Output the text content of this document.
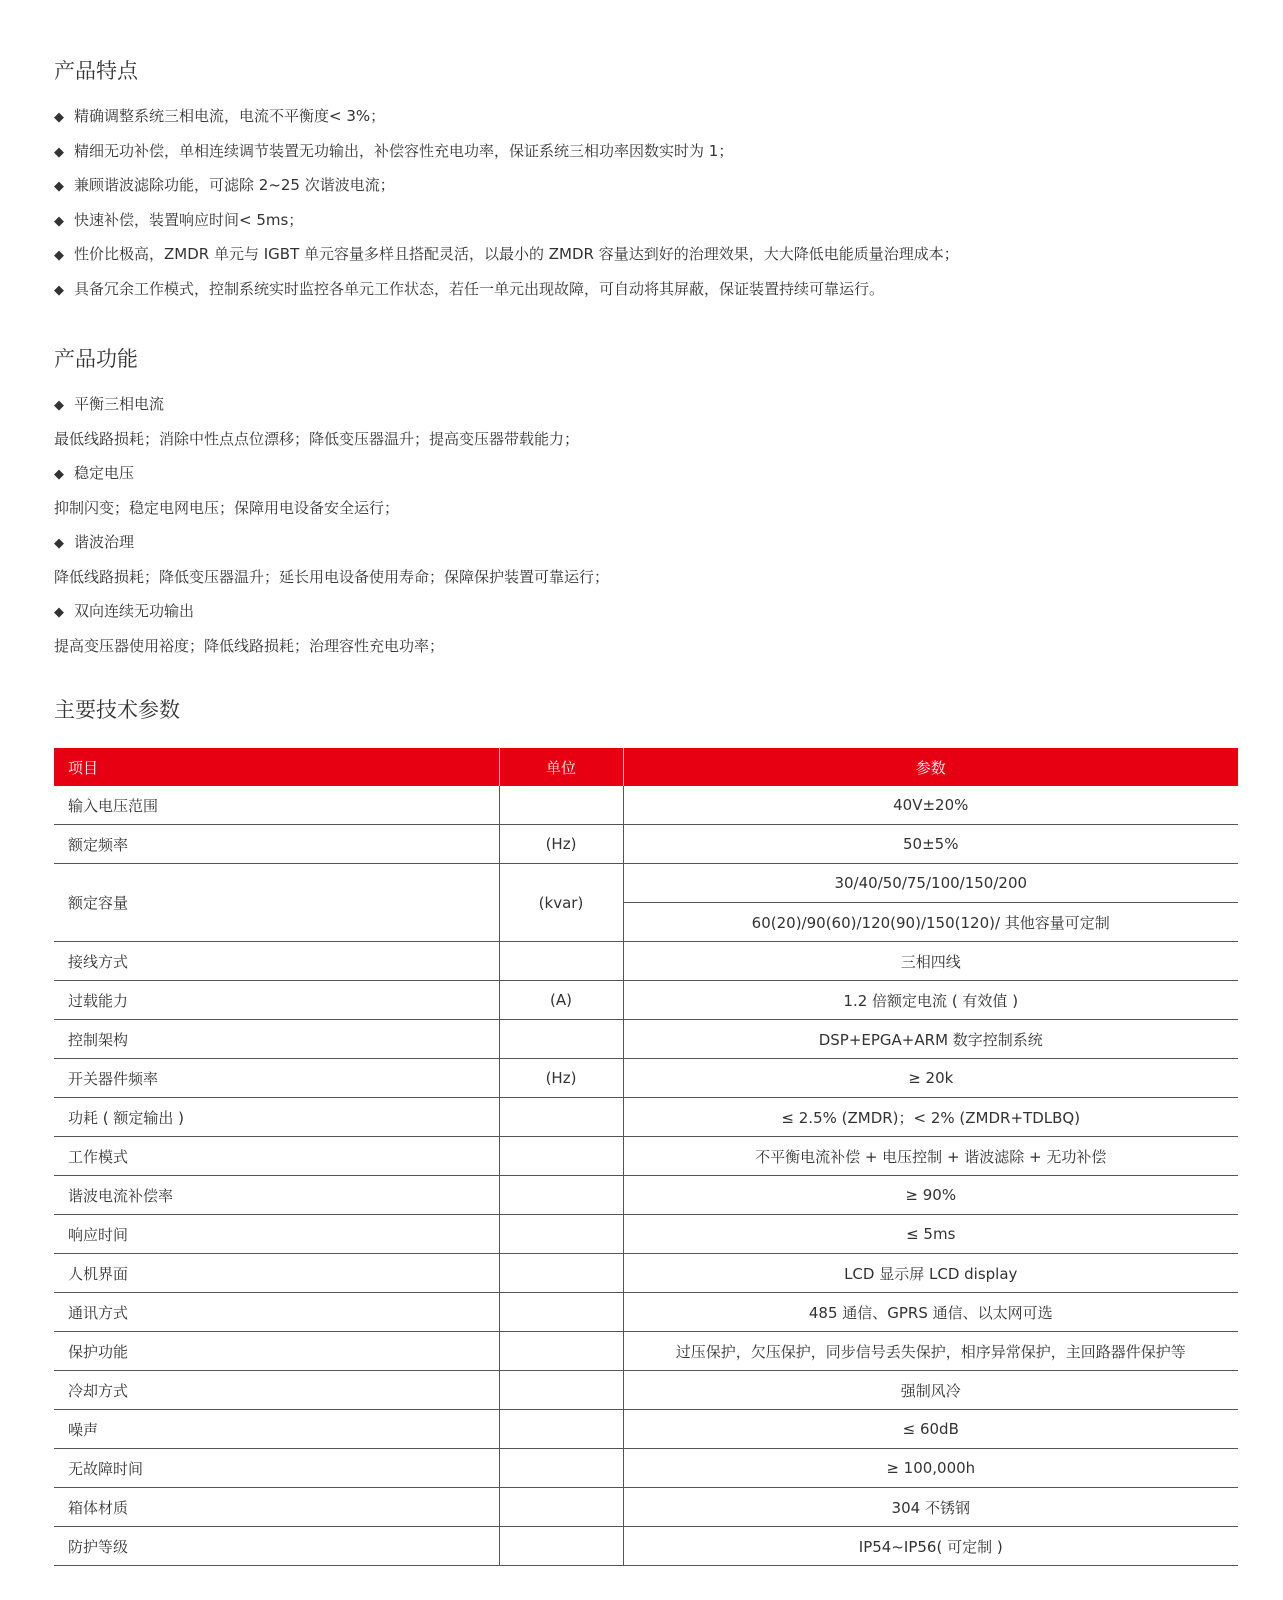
产品特点
◆ 精确调整系统三相电流，电流不平衡度< 3%；
◆ 精细无功补偿，单相连续调节装置无功输出，补偿容性充电功率，保证系统三相功率因数实时为 1；
◆ 兼顾谐波滤除功能，可滤除 2~25 次谐波电流；
◆ 快速补偿，装置响应时间< 5ms；
◆ 性价比极高，ZMDR 单元与 IGBT 单元容量多样且搭配灵活，以最小的 ZMDR 容量达到好的治理效果，大大降低电能质量治理成本；
◆ 具备冗余工作模式，控制系统实时监控各单元工作状态，若任一单元出现故障，可自动将其屏蔽，保证装置持续可靠运行。
产品功能
◆ 平衡三相电流
最低线路损耗；消除中性点点位漂移；降低变压器温升；提高变压器带载能力；
◆ 稳定电压
抑制闪变；稳定电网电压；保障用电设备安全运行；
◆ 谐波治理
降低线路损耗；降低变压器温升；延长用电设备使用寿命；保障保护装置可靠运行；
◆ 双向连续无功输出
提高变压器使用裕度；降低线路损耗；治理容性充电功率；
主要技术参数
项目	单位	参数
输入电压范围		40V±20%
额定频率	(Hz)	50±5%
额定容量	(kvar)	30/40/50/75/100/150/200
		60(20)/90(60)/120(90)/150(120)/ 其他容量可定制
接线方式		三相四线
过载能力	(A)	1.2 倍额定电流 ( 有效值 )
控制架构		DSP+EPGA+ARM 数字控制系统
开关器件频率	(Hz)	≥ 20k
功耗 ( 额定输出 )		≤ 2.5% (ZMDR)；< 2% (ZMDR+TDLBQ)
工作模式		不平衡电流补偿 + 电压控制 + 谐波滤除 + 无功补偿
谐波电流补偿率		≥ 90%
响应时间		≤ 5ms
人机界面		LCD 显示屏 LCD display
通讯方式		485 通信、GPRS 通信、以太网可选
保护功能		过压保护，欠压保护，同步信号丢失保护，相序异常保护，主回路器件保护等
冷却方式		强制风冷
噪声		≤ 60dB
无故障时间		≥ 100,000h
箱体材质		304 不锈钢
防护等级		IP54~IP56( 可定制 )
